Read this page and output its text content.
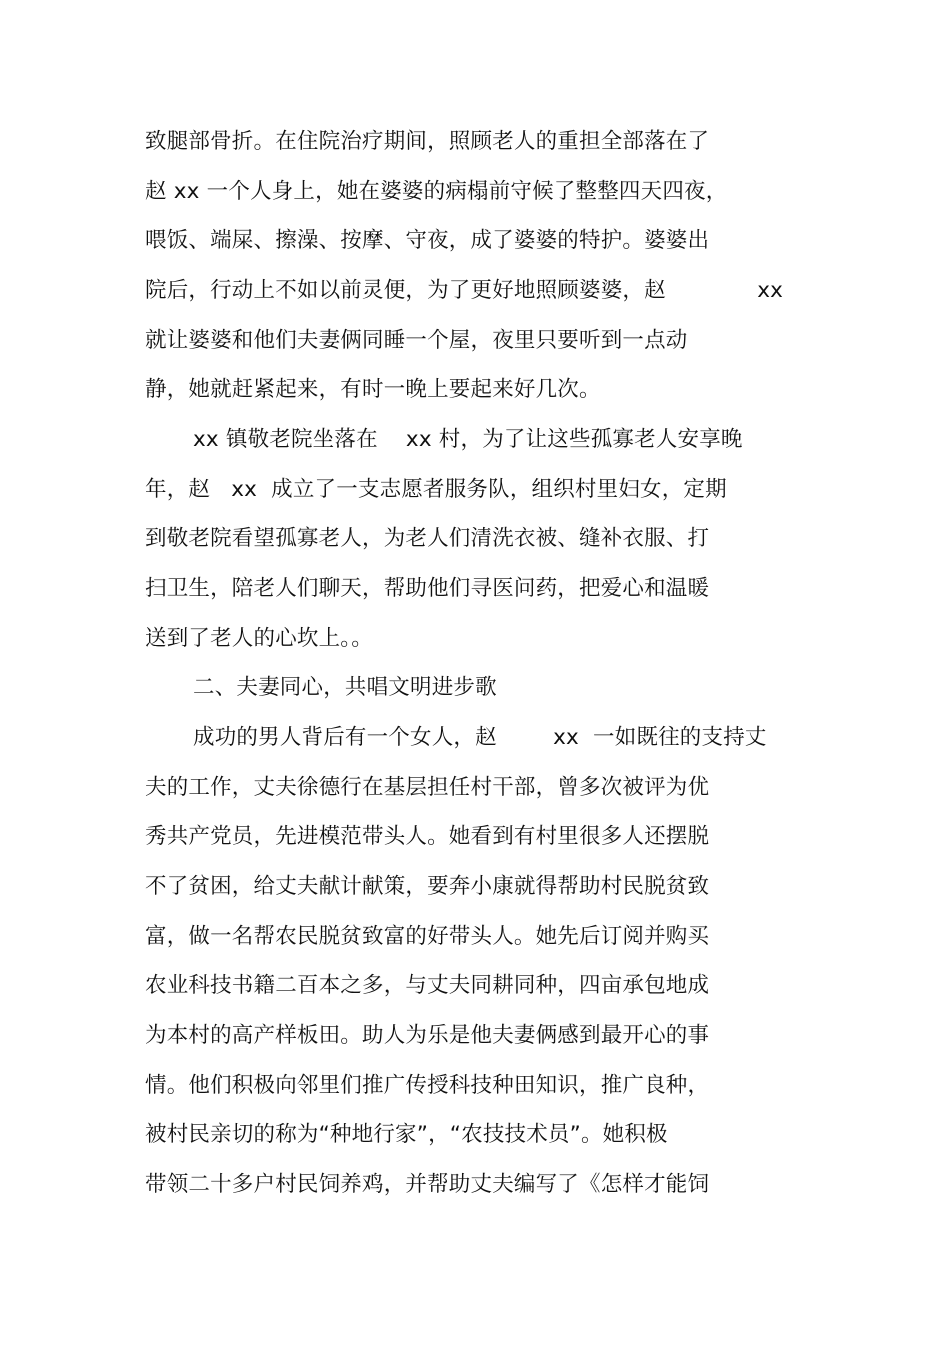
致腿部骨折。在住院治疗期间，照顾老人的重担全部落在了
赵 xx 一个人身上，她在婆婆的病榻前守候了整整四天四夜，
喂饭、端屎、擦澡、按摩、守夜，成了婆婆的特护。婆婆出
院后，行动上不如以前灵便，为了更好地照顾婆婆，赵             xx
就让婆婆和他们夫妻俩同睡一个屋，夜里只要听到一点动
静，她就赶紧起来，有时一晚上要起来好几次。
xx 镇敬老院坐落在    xx 村，为了让这些孤寡老人安享晚
年，赵   xx  成立了一支志愿者服务队，组织村里妇女，定期
到敬老院看望孤寡老人，为老人们清洗衣被、缝补衣服、打
扫卫生，陪老人们聊天，帮助他们寻医问药，把爱心和温暖
送到了老人的心坎上。。
二、夫妻同心，共唱文明进步歌
成功的男人背后有一个女人，赵        xx  一如既往的支持丈
夫的工作，丈夫徐德行在基层担任村干部，曾多次被评为优
秀共产党员，先进模范带头人。她看到有村里很多人还摆脱
不了贫困，给丈夫献计献策，要奔小康就得帮助村民脱贫致
富，做一名帮农民脱贫致富的好带头人。她先后订阅并购买
农业科技书籍二百本之多，与丈夫同耕同种，四亩承包地成
为本村的高产样板田。助人为乐是他夫妻俩感到最开心的事
情。他们积极向邻里们推广传授科技种田知识，推广良种，
被村民亲切的称为“种地行家”，“农技技术员”。她积极
带领二十多户村民饲养鸡，并帮助丈夫编写了《怎样才能饲
